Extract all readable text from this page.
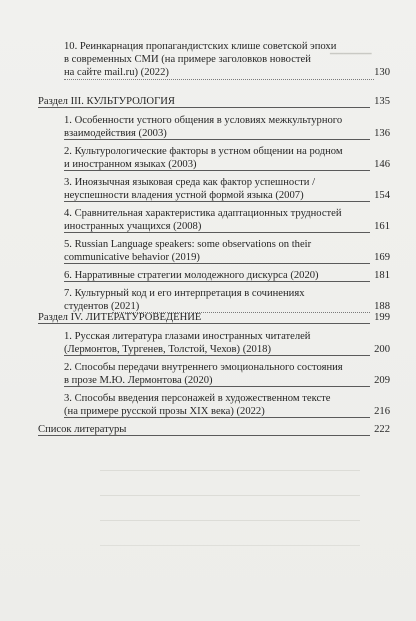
▁▁▁▁▁▁
10. Реинкарнация пропагандистских клише советской эпохи
в современных СМИ (на примере заголовков новостей
на сайте mail.ru) (2022)	130
Раздел III. КУЛЬТУРОЛОГИЯ	135
1. Особенности устного общения в условиях межкультурного
взаимодействия (2003)	136
2. Культурологические факторы в устном общении на родном
и иностранном языках (2003)	146
3. Иноязычная языковая среда как фактор успешности /
неуспешности владения устной формой языка (2007)	154
4. Сравнительная характеристика адаптационных трудностей
иностранных учащихся (2008)	161
5. Russian Language speakers: some observations on their
communicative behavior (2019)	169
6. Нарративные стратегии молодежного дискурса (2020)	181
7. Культурный код и его интерпретация в сочинениях
студентов (2021)	188
Раздел IV. ЛИТЕРАТУРОВЕДЕНИЕ	199
1. Русская литература глазами иностранных читателей
(Лермонтов, Тургенев, Толстой, Чехов) (2018)	200
2. Способы передачи внутреннего эмоционального состояния
в прозе М.Ю. Лермонтова (2020)	209
3. Способы введения персонажей в художественном тексте
(на примере русской прозы XIX века) (2022)	216
Список литературы	222
